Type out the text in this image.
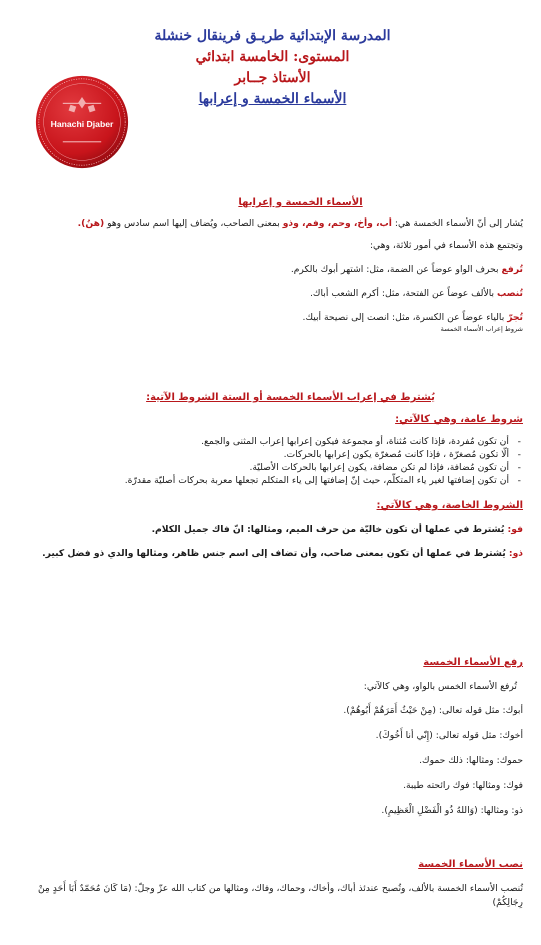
المدرسة الإبتدائية طريـق فرينقال خنشلة
المستوى: الخامسة ابتدائي
الأستاذ جــابر
الأسماء الخمسة و إعرابها
Hanachi Djaber
الأسماء الخمسة و إعرابها
يُشار إلى أنّ الأسماء الخمسة هي: أب، وأخ، وحم، وفم، وذو بمعنى الصاحب، ويُضاف إليها اسم سادس وهو (هنُ).
وتجتمع هذه الأسماء في أمور ثلاثة، وهي:
تُرفع بحرف الواو عوضاً عن الضمة، مثل: اشتهر أبوك بالكرم.
تُنصب بالألف عوضاً عن الفتحة، مثل: أكرم الشعب أباك.
تُجرّ بالياء عوضاً عن الكسرة، مثل: انصت إلى نصيحة أبيك.
شروط إعراب الأسماء الخمسة
يُشترط في إعراب الأسماء الخمسة أو الستة الشروط الآتية:
شروط عامة، وهي كالآتي:
- أن تكون مُفردة، فإذا كانت مُثناة، أو مجموعة فيكون إعرابها إعراب المثنى والجمع.
- ألّا تكون مُصغرّة ، فإذا كانت مُصغرّة يكون إعرابها بالحركات.
- أن تكون مُضافة، فإذا لم تكن مضافة، يكون إعرابها بالحركات الأصليّة.
- أن تكون إضافتها لغير ياء المتكلّم، حيث إنّ إضافتها إلى ياء المتكلم تجعلها معربة بحركات أصليّة مقدرّة.
الشروط الخاصة، وهي كالآتي:
فو: يُشترط في عملها أن تكون خاليّة من حرف الميم، ومثالها: انّ فاك جميل الكلام.
ذو: يُشترط في عملها أن تكون بمعنى صاحب، وأن تضاف إلى اسم جنس ظاهر، ومثالها والدي ذو فضل كبير.
رفع الأسماء الخمسة
تُرفع الأسماء الخمس بالواو، وهي كالآتي:
أبوك: مثل قوله تعالى: (مِنْ حَيْثُ أَمَرَهُمْ أَبُوهُمْ).
أخوك: مثل قوله تعالى: (إِنّي أنا أَخُوكَ).
حموك: ومثالها: ذلك حموك.
فوك: ومثالها: فوك رائحته طيبة.
ذو: ومثالها: (وَاللهُ ذُو الْفَضْلِ الْعَظِيمِ).
نصب الأسماء الخمسة
تُنصب الأسماء الخمسة بالألف، وتُصبح عندئذ أباك، وأخاك، وحماك، وفاك، ومثالها من كتاب الله عزّ وجلّ: (مَا كَانَ مُحَمّدٌ أَبَا أَحَدٍ مِنْ رِجَالِكُمْ)
